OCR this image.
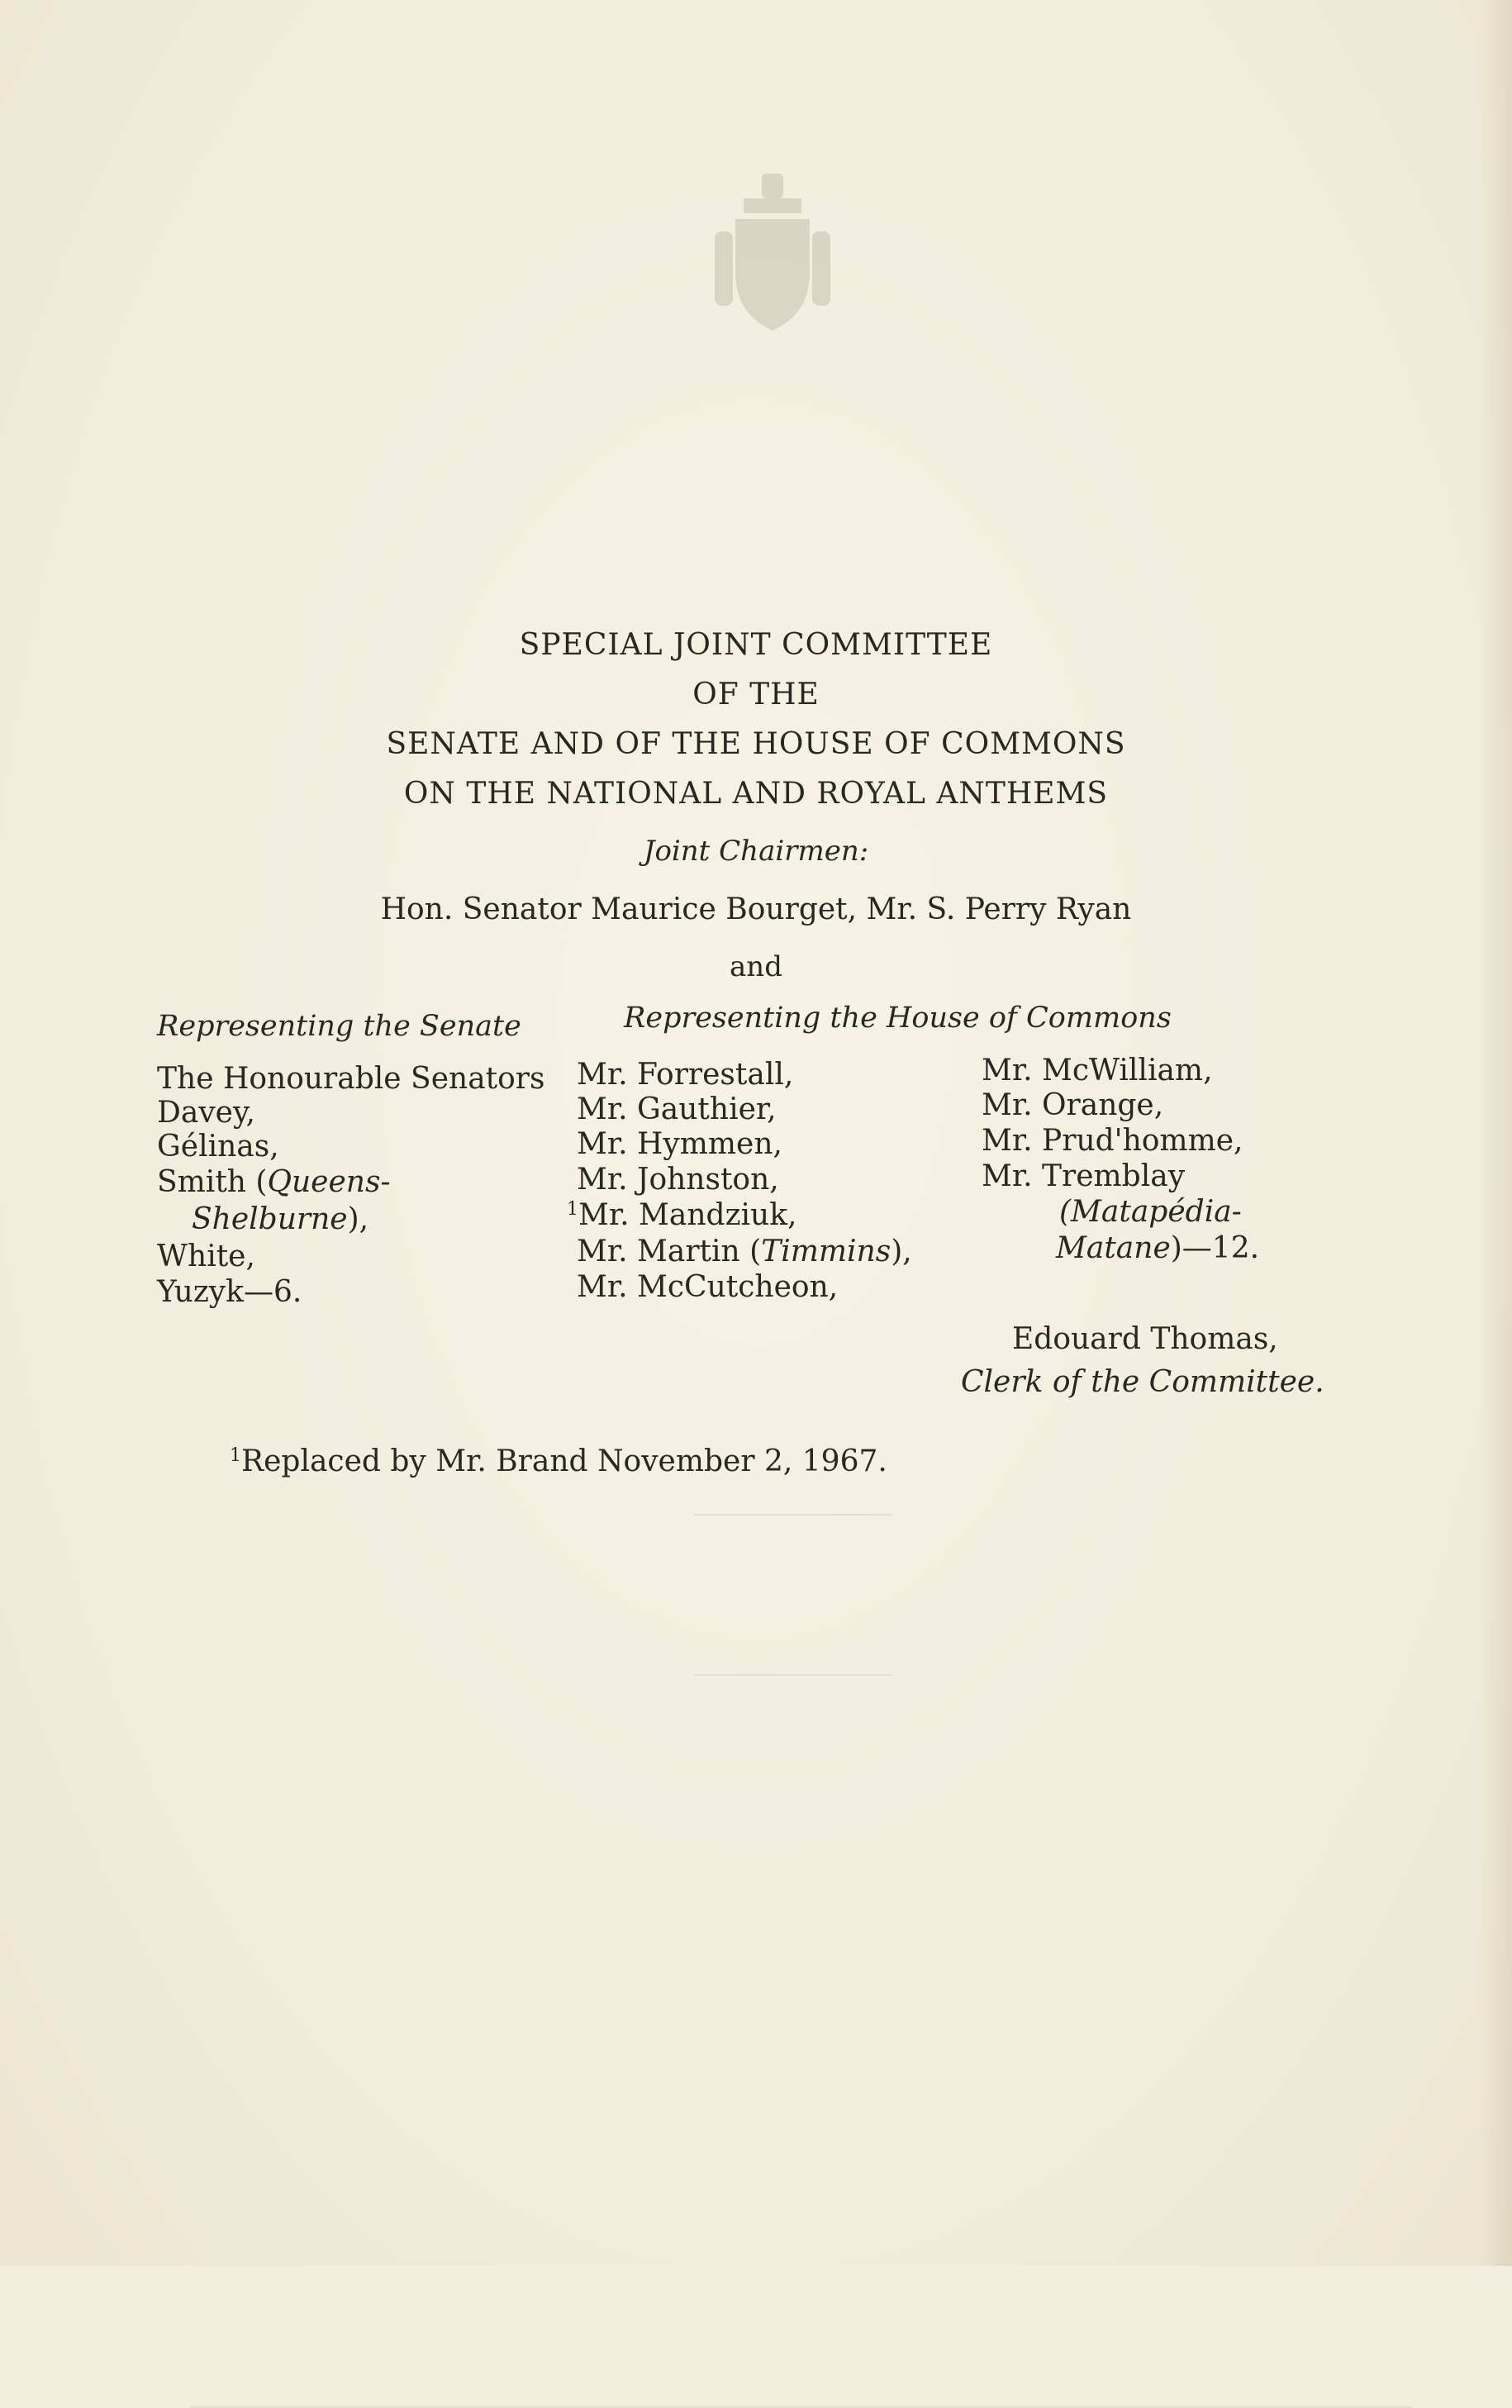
SPECIAL JOINT COMMITTEE
OF THE
SENATE AND OF THE HOUSE OF COMMONS
ON THE NATIONAL AND ROYAL ANTHEMS
Joint Chairmen:
Hon. Senator Maurice Bourget, Mr. S. Perry Ryan
and
Representing the Senate	Representing the House of Commons
The Honourable Senators
Davey,
Gélinas,
Smith (Queens-
Shelburne),
White,
Yuzyk—6.
Mr. Forrestall,
Mr. Gauthier,
Mr. Hymmen,
Mr. Johnston,
$^1$Mr. Mandziuk,
Mr. Martin (Timmins),
Mr. McCutcheon,
Mr. McWilliam,
Mr. Orange,
Mr. Prud'homme,
Mr. Tremblay
(Matapédia-
Matane)—12.
Edouard Thomas,
Clerk of the Committee.
$^1$Replaced by Mr. Brand November 2, 1967.
